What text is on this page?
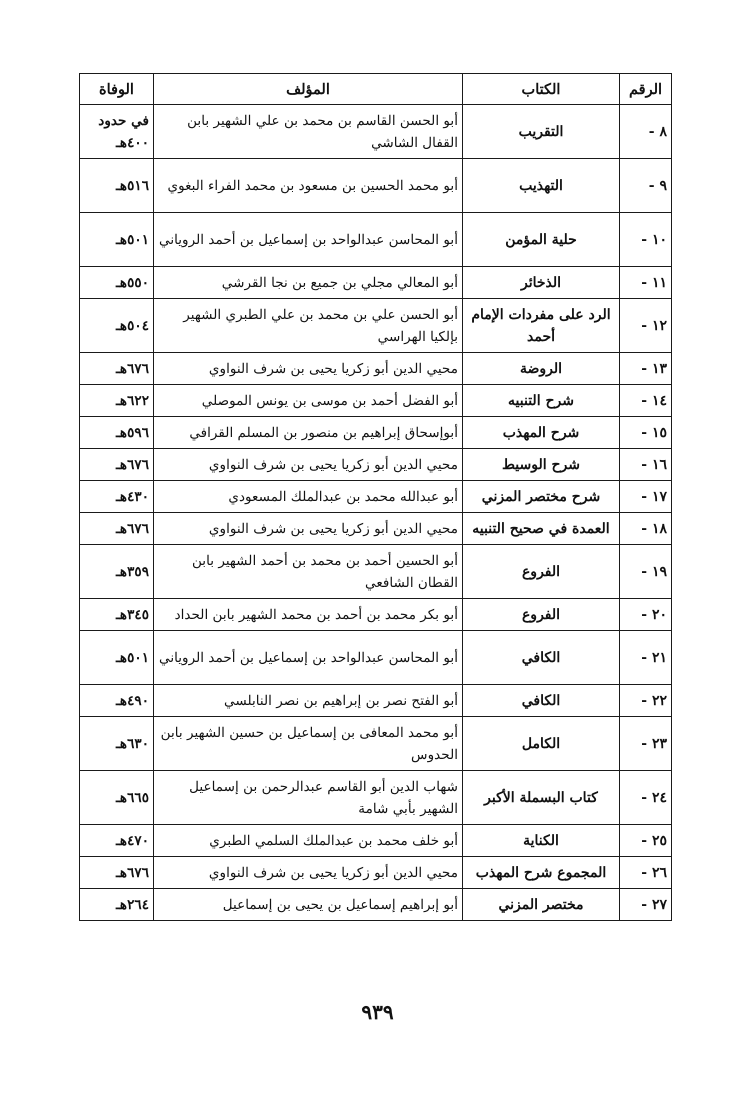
الرقم	الكتاب	المؤلف	الوفاة
٨ -	التقريب	أبو الحسن القاسم بن محمد بن علي الشهير بابن القفال الشاشي	في حدود ٤٠٠هـ
٩ -	التهذيب	أبو محمد الحسين بن مسعود بن محمد الفراء البغوي	٥١٦هـ
١٠ -	حلية المؤمن	أبو المحاسن عبدالواحد بن إسماعيل بن أحمد الروياني	٥٠١هـ
١١ -	الذخائر	أبو المعالي مجلي بن جميع بن نجا القرشي	٥٥٠هـ
١٢ -	الرد على مفردات الإمام أحمد	أبو الحسن علي بن محمد بن علي الطبري الشهير بإلكيا الهراسي	٥٠٤هـ
١٣ -	الروضة	محيي الدين أبو زكريا يحيى بن شرف النواوي	٦٧٦هـ
١٤ -	شرح التنبيه	أبو الفضل أحمد بن موسى بن يونس الموصلي	٦٢٢هـ
١٥ -	شرح المهذب	أبوإسحاق إبراهيم بن منصور بن المسلم القرافي	٥٩٦هـ
١٦ -	شرح الوسيط	محيي الدين أبو زكريا يحيى بن شرف النواوي	٦٧٦هـ
١٧ -	شرح مختصر المزني	أبو عبدالله محمد بن عبدالملك المسعودي	٤٣٠هـ
١٨ -	العمدة في صحيح التنبيه	محيي الدين أبو زكريا يحيى بن شرف النواوي	٦٧٦هـ
١٩ -	الفروع	أبو الحسين أحمد بن محمد بن أحمد الشهير بابن القطان الشافعي	٣٥٩هـ
٢٠ -	الفروع	أبو بكر محمد بن أحمد بن محمد الشهير بابن الحداد	٣٤٥هـ
٢١ -	الكافي	أبو المحاسن عبدالواحد بن إسماعيل بن أحمد الروياني	٥٠١هـ
٢٢ -	الكافي	أبو الفتح نصر بن إبراهيم بن نصر النابلسي	٤٩٠هـ
٢٣ -	الكامل	أبو محمد المعافى بن إسماعيل بن حسين الشهير بابن الحدوس	٦٣٠هـ
٢٤ -	كتاب البسملة الأكبر	شهاب الدين أبو القاسم عبدالرحمن بن إسماعيل الشهير بأبي شامة	٦٦٥هـ
٢٥ -	الكناية	أبو خلف محمد بن عبدالملك السلمي الطبري	٤٧٠هـ
٢٦ -	المجموع شرح المهذب	محيي الدين أبو زكريا يحيى بن شرف النواوي	٦٧٦هـ
٢٧ -	مختصر المزني	أبو إبراهيم إسماعيل بن يحيى بن إسماعيل	٢٦٤هـ
٩٣٩
